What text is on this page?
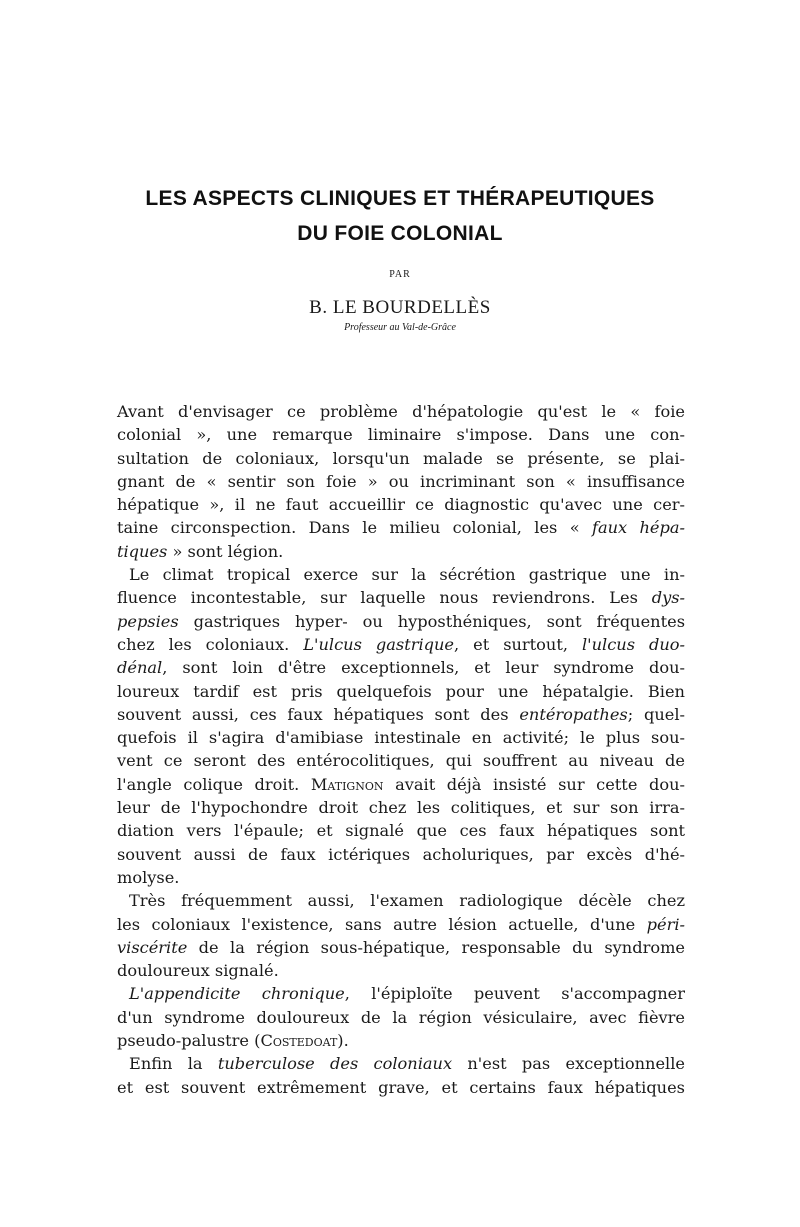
LES ASPECTS CLINIQUES ET THÉRAPEUTIQUES
DU FOIE COLONIAL
PAR
B. LE BOURDELLÈS
Professeur au Val-de-Grâce
Avant d'envisager ce problème d'hépatologie qu'est le « foie
colonial », une remarque liminaire s'impose. Dans une con-
sultation de coloniaux, lorsqu'un malade se présente, se plai-
gnant de « sentir son foie » ou incriminant son « insuffisance
hépatique », il ne faut accueillir ce diagnostic qu'avec une cer-
taine circonspection. Dans le milieu colonial, les « faux hépa-
tiques » sont légion.
Le climat tropical exerce sur la sécrétion gastrique une in-
fluence incontestable, sur laquelle nous reviendrons. Les dys-
pepsies gastriques hyper- ou hyposthéniques, sont fréquentes
chez les coloniaux. L'ulcus gastrique, et surtout, l'ulcus duo-
dénal, sont loin d'être exceptionnels, et leur syndrome dou-
loureux tardif est pris quelquefois pour une hépatalgie. Bien
souvent aussi, ces faux hépatiques sont des entéropathes; quel-
quefois il s'agira d'amibiase intestinale en activité; le plus sou-
vent ce seront des entérocolitiques, qui souffrent au niveau de
l'angle colique droit. Matignon avait déjà insisté sur cette dou-
leur de l'hypochondre droit chez les colitiques, et sur son irra-
diation vers l'épaule; et signalé que ces faux hépatiques sont
souvent aussi de faux ictériques acholuriques, par excès d'hé-
molyse.
Très fréquemment aussi, l'examen radiologique décèle chez
les coloniaux l'existence, sans autre lésion actuelle, d'une péri-
viscérite de la région sous-hépatique, responsable du syndrome
douloureux signalé.
L'appendicite chronique, l'épiploïte peuvent s'accompagner
d'un syndrome douloureux de la région vésiculaire, avec fièvre
pseudo-palustre (Costedoat).
Enfin la tuberculose des coloniaux n'est pas exceptionnelle
et est souvent extrêmement grave, et certains faux hépatiques
